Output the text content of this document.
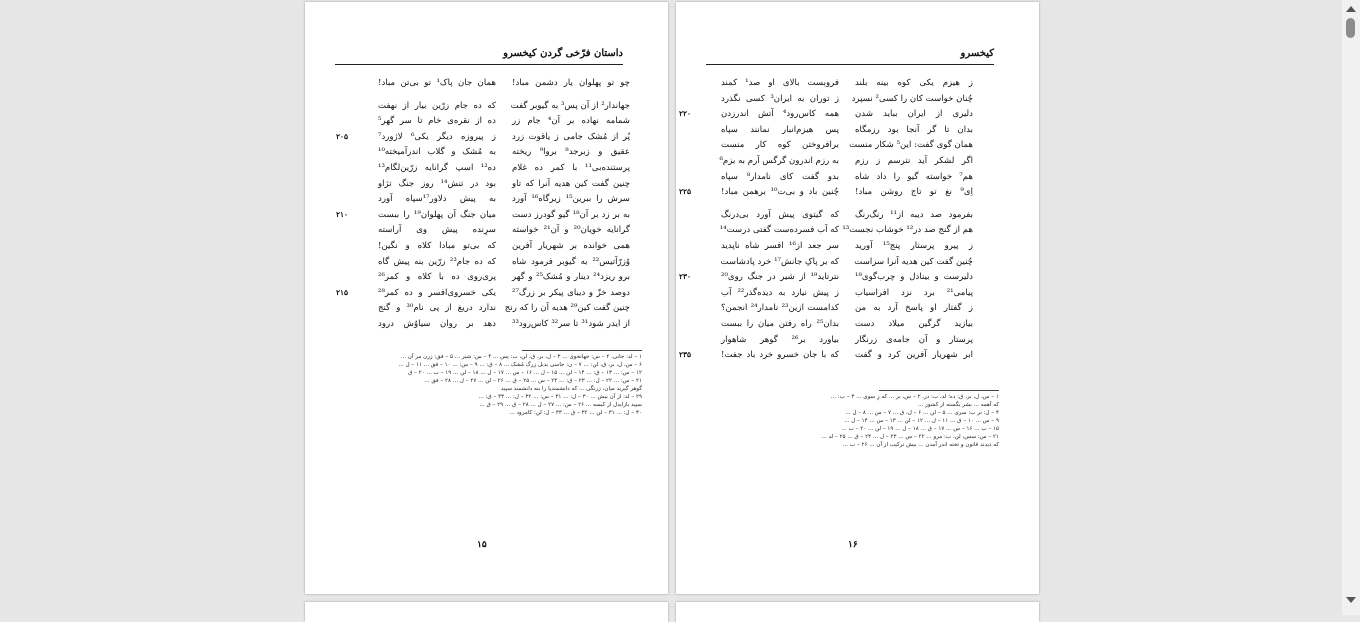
داستان فرّخی گردن کیخسرو
چو تو پهلوان یار دشمن مباد!
همان جان پاک¹ تو بی‌تن مباد!
جهاندار² از آن پس³ به گیوبر گفت
که ده جام زرّین بیار از نهفت
شمامه نهاده بر آن⁴ جام زر
ده از نقره‌ی خام تا سر گهر⁵
پُر از مُشک جامی ز یاقوت زرد
ز پیروزه دیگر یکی⁶ لاژورد⁷
۲۰۵
عقیق و زبرجد⁸ بروا⁹ ریخته
به مُشک و گلاب اندرآمیخته¹⁰
پرستنده‌بی¹¹ با کمر ده غلام
ده¹² اسپ گرانایه زرّین‌لگام¹³
چنین گفت کین هدیه آنرا که تاو
بود در تنش¹⁴ روز جنگ تژاو
سرش را ببرین¹⁵ زیرگاه¹⁶ آورد
به پیش دلاور¹⁷سپاه آورد
به بر زد بر آن¹⁸ گیو گودرز دست
میان جنگ آن پهلوان¹⁹ را ببست
۲۱۰
گرانایه خویان²⁰ و آن²¹ خواسته
سرِنده پیش وی آراسته
همی خوانده بر شهریار آفرین
که بی‌تو مبادا کلاه و نگین!
وُزرّآتیس²² به گیوبر فرمود شاه
که ده جام²³ زرّین بنه پیش گاه
برو ریزد²⁴ دینار و مُشک²⁵ و گهر
پری‌روی ده با کلاه و کمر²⁶
دوصد خزّ و دیبای پیکر بر زرگ²⁷
یکی خسروی‌افسر و ده کمر²⁸
۲۱۵
چنین گفت کین²⁹ هدیه آن را که رنج
ندارد دریغ از پی نام³⁰ و گنج
از ایدر شود³¹ تا سر³² کاس‌رود³³
دهد بر روان سیاوُش درود

۱ – لد: جانی. ۲ – س: جهانجوی ... ۳ – ل، بر، ق، لن، ب: پس ... ۴ – س: شیر ... ۵ – فق: زرن مر آن ...

۶ – س، ل، بر، ق، لن: ... ۷ – ن: جاسی بدیل زرگ مُشک ... ۸ – ق: ... ۹ – س: ... ۱۰ – فق ... ۱۱ – ل ...

۱۲ – س: ... ۱۳ – ق: ... ۱۴ – لن ... ۱۵ – ل ... ۱۶ – س ... ۱۷ – ل ... ۱۸ – لن ... ۱۹ – ب ... ۲۰ – ق

۲۱ – س: ... ۲۲ – ل: ... ۲۳ – ق: ... ۲۴ – س ... ۲۵ – ق ... ۲۶ – لن ... ۲۷ – ل ... ۲۸ – فق ...

گوهر گیرید میان، زرنگی ... که دانشمندیا را بنه دانشمند سپید

۲۹ – لد: از آن بیش ... ۳۰ – ل: ... ۳۱ – س: ... ۳۲ – ل: ... ۳۳ – ق: ...

سپید بازایدل از کیسه ... ۲۶ – س: ... ۲۷ – ل ... ۲۸ – ق ... ۲۹ – ق ...

۳۰ – ل: ... ۳۱ – لن ... ۳۲ – ق ... ۳۳ – ل: لن: کامرود ...

۱۵
کیخسرو
ز هیزم یکی کوه بینه بلند
فروبست بالای او صد¹ کمند
چُنان خواست کان را کسی² نسپرد
ز توران به ایران³ کسی نگذرد
دلیری از ایران بباید شدن
همه کاس‌رود⁴ آتش اندرزدن
۲۲۰
بدان تا گر آنجا بود رزمگاه
پس هیزم‌انبار نمانند سپاه
همان گوی گفت: این⁵ شکار منست
برافروختن کوه کار منست
اگر لشکر آید نترسم ز رزم
به رزم اندرون گرگس آرم به بزم⁶
هم⁷ خواسته گیو را داد شاه
بدو گفت کای نامدار⁸ سپاه
اِی⁹ نغ تو تاج روشن مباد!
چُنین باد و بی‌ت¹⁰ برهمن مباد!
۲۲۵
بفرمود صد دیبه از¹¹ رنگ‌رنگ
که گیتوی پیش آورد بی‌درنگ
هم از گنج صد در¹² خوشاب نجست¹³
که آب فسرده‌ست گفتی درست¹⁴
ز پیرو پرستار پنج¹⁵ آورید
سر جعد از¹⁶ افسر شاه ناپدید
چُنین گفت کین هدیه آنرا سزاست
که بر پاکِ جانش¹⁷ خرد پادشاست
دلیرست و بینادل و چرب‌گوی¹⁸
نترتاید¹⁹ از شیر در جنگ روی²⁰
۲۳۰
پیامی²¹ برد نزد افراسیاب
ز پیش نیارد به دیده‌گذر²² آب
ز گفتار او پاسخ آرد به من
کدامست ازین²³ نامدار²⁴ انجمن؟
بیازید گرگین میلاد دست
بدان²⁵ راه رفتن میان را ببست
پرستار و آن جامه‌ی زرنگار
بیاورد بر²⁶ گوهر شاهوار
ابر شهریار آفرین کرد و گفت
که با جان خسرو خرد باد جفت!
۲۳۵

۱ – س، ل، بر، ق: ده؛ لد، ب: در. ۲ – س، بر ... که زِ سوی ... ۳ – ب: ...

که آهمه ... بشر یگسته از کشور ...

۴ – ل: نر ب: سری ... ۵ – لن ... ۶ – ل، ق ... ۷ – س ... ۸ – ل ...

۹ – س ... ۱۰ – ق ... ۱۱ – ل ... ۱۲ – لن ... ۱۳ – س ... ۱۴ – ل ...

۱۵ – ب ... ۱۶ – س ... ۱۷ – ق ... ۱۸ – ل ... ۱۹ – لن ... ۲۰ – ب ...

۲۱ – س: سس، لن، ب: مرو ... ۲۲ – س ... ۲۳ – ل ... ۲۴ – ق ... ۲۵ – لد ...

که دیدند قانون و تخته اندر آمدن ... بیش ترکیب از آن ... ۲۶ – ب ...

۱۶
